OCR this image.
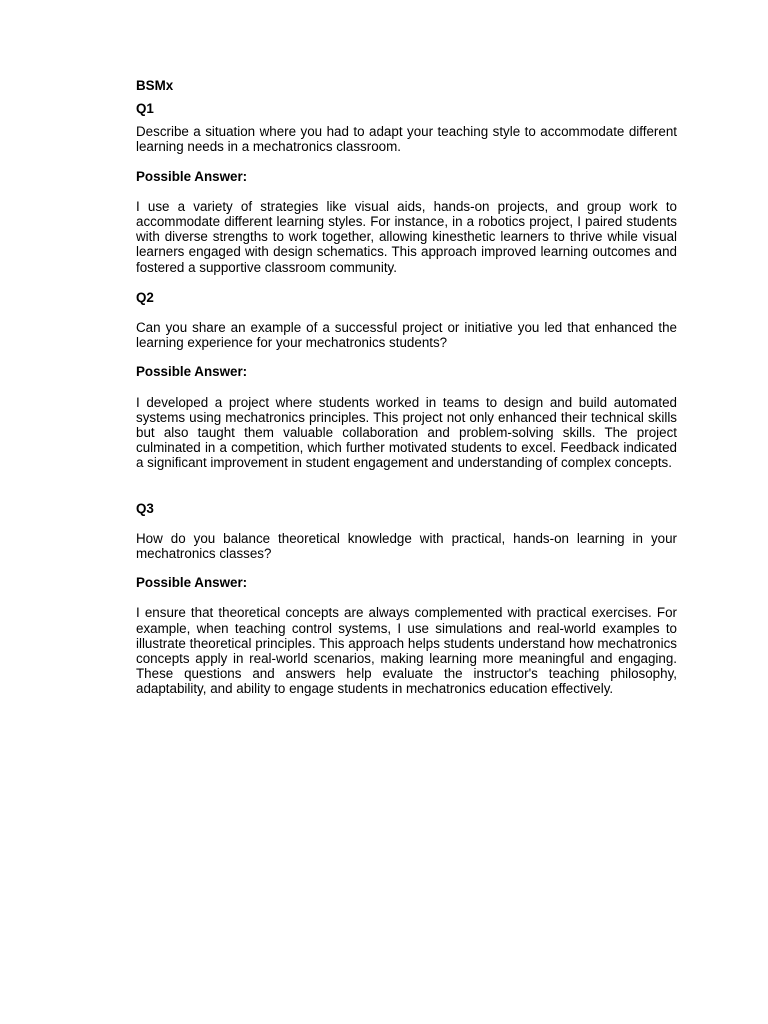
BSMx
Q1
Describe a situation where you had to adapt your teaching style to accommodate different learning needs in a mechatronics classroom.
Possible Answer:
I use a variety of strategies like visual aids, hands-on projects, and group work to accommodate different learning styles. For instance, in a robotics project, I paired students with diverse strengths to work together, allowing kinesthetic learners to thrive while visual learners engaged with design schematics. This approach improved learning outcomes and fostered a supportive classroom community.
Q2
Can you share an example of a successful project or initiative you led that enhanced the learning experience for your mechatronics students?
Possible Answer:
I developed a project where students worked in teams to design and build automated systems using mechatronics principles. This project not only enhanced their technical skills but also taught them valuable collaboration and problem-solving skills. The project culminated in a competition, which further motivated students to excel. Feedback indicated a significant improvement in student engagement and understanding of complex concepts.
Q3
How do you balance theoretical knowledge with practical, hands-on learning in your mechatronics classes?
Possible Answer:
I ensure that theoretical concepts are always complemented with practical exercises. For example, when teaching control systems, I use simulations and real-world examples to illustrate theoretical principles. This approach helps students understand how mechatronics concepts apply in real-world scenarios, making learning more meaningful and engaging. These questions and answers help evaluate the instructor's teaching philosophy, adaptability, and ability to engage students in mechatronics education effectively.
